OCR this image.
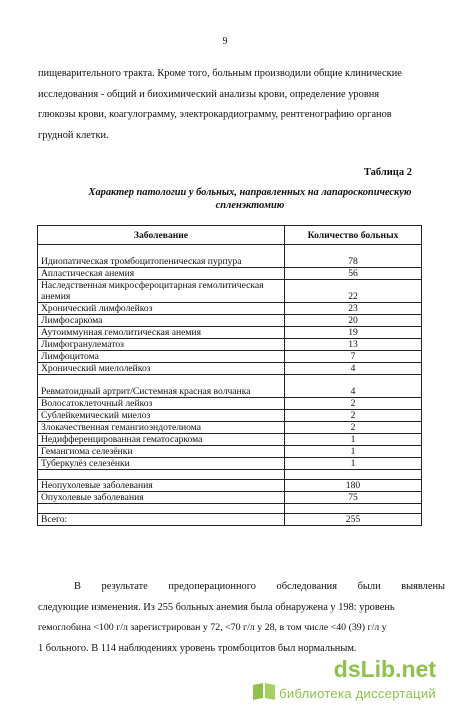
9

пищеварительного тракта. Кроме того, больным производили общие клинические
исследования - общий и биохимический анализы крови, определение уровня
глюкозы крови, коагулограмму, электрокардиограмму, рентгенографию органов
грудной клетки.

Таблица 2
Характер патологии у больных, направленных на лапароскопическую спленэктомию
Заболевание	Количество больных
Идиопатическая тромбоцитопеническая пурпура	78
Апластическая анемия	56
Наследственная микросфероцитарная гемолитическая анемия	22
Хронический лимфолейкоз	23
Лимфосаркома	20
Аутоиммунная гемолитическая анемия	19
Лимфогранулематоз	13
Лимфоцитома	7
Хронический миелолейкоз	4
Ревматоидный артрит/Системная красная волчанка	4
Волосатоклеточный лейкоз	2
Сублейкемический миелоз	2
Злокачественная гемангиоэндотелиома	2
Недифференцированная гематосаркома	1
Гемангиома селезёнки	1
Туберкулёз селезёнки	1

Неопухолевые заболевания	180
Опухолевые заболевания	75

Всего:	255

В результате предоперационного обследования были выявлены
следующие изменения. Из 255 больных анемия была обнаружена у 198: уровень
гемоглобина <100 г/л зарегистрирован у 72, <70 г/л у 28, в том числе <40 (39) г/л у
1 больного. В 114 наблюдениях уровень тромбоцитов был нормальным.

dsLib.net
библиотека диссертаций
